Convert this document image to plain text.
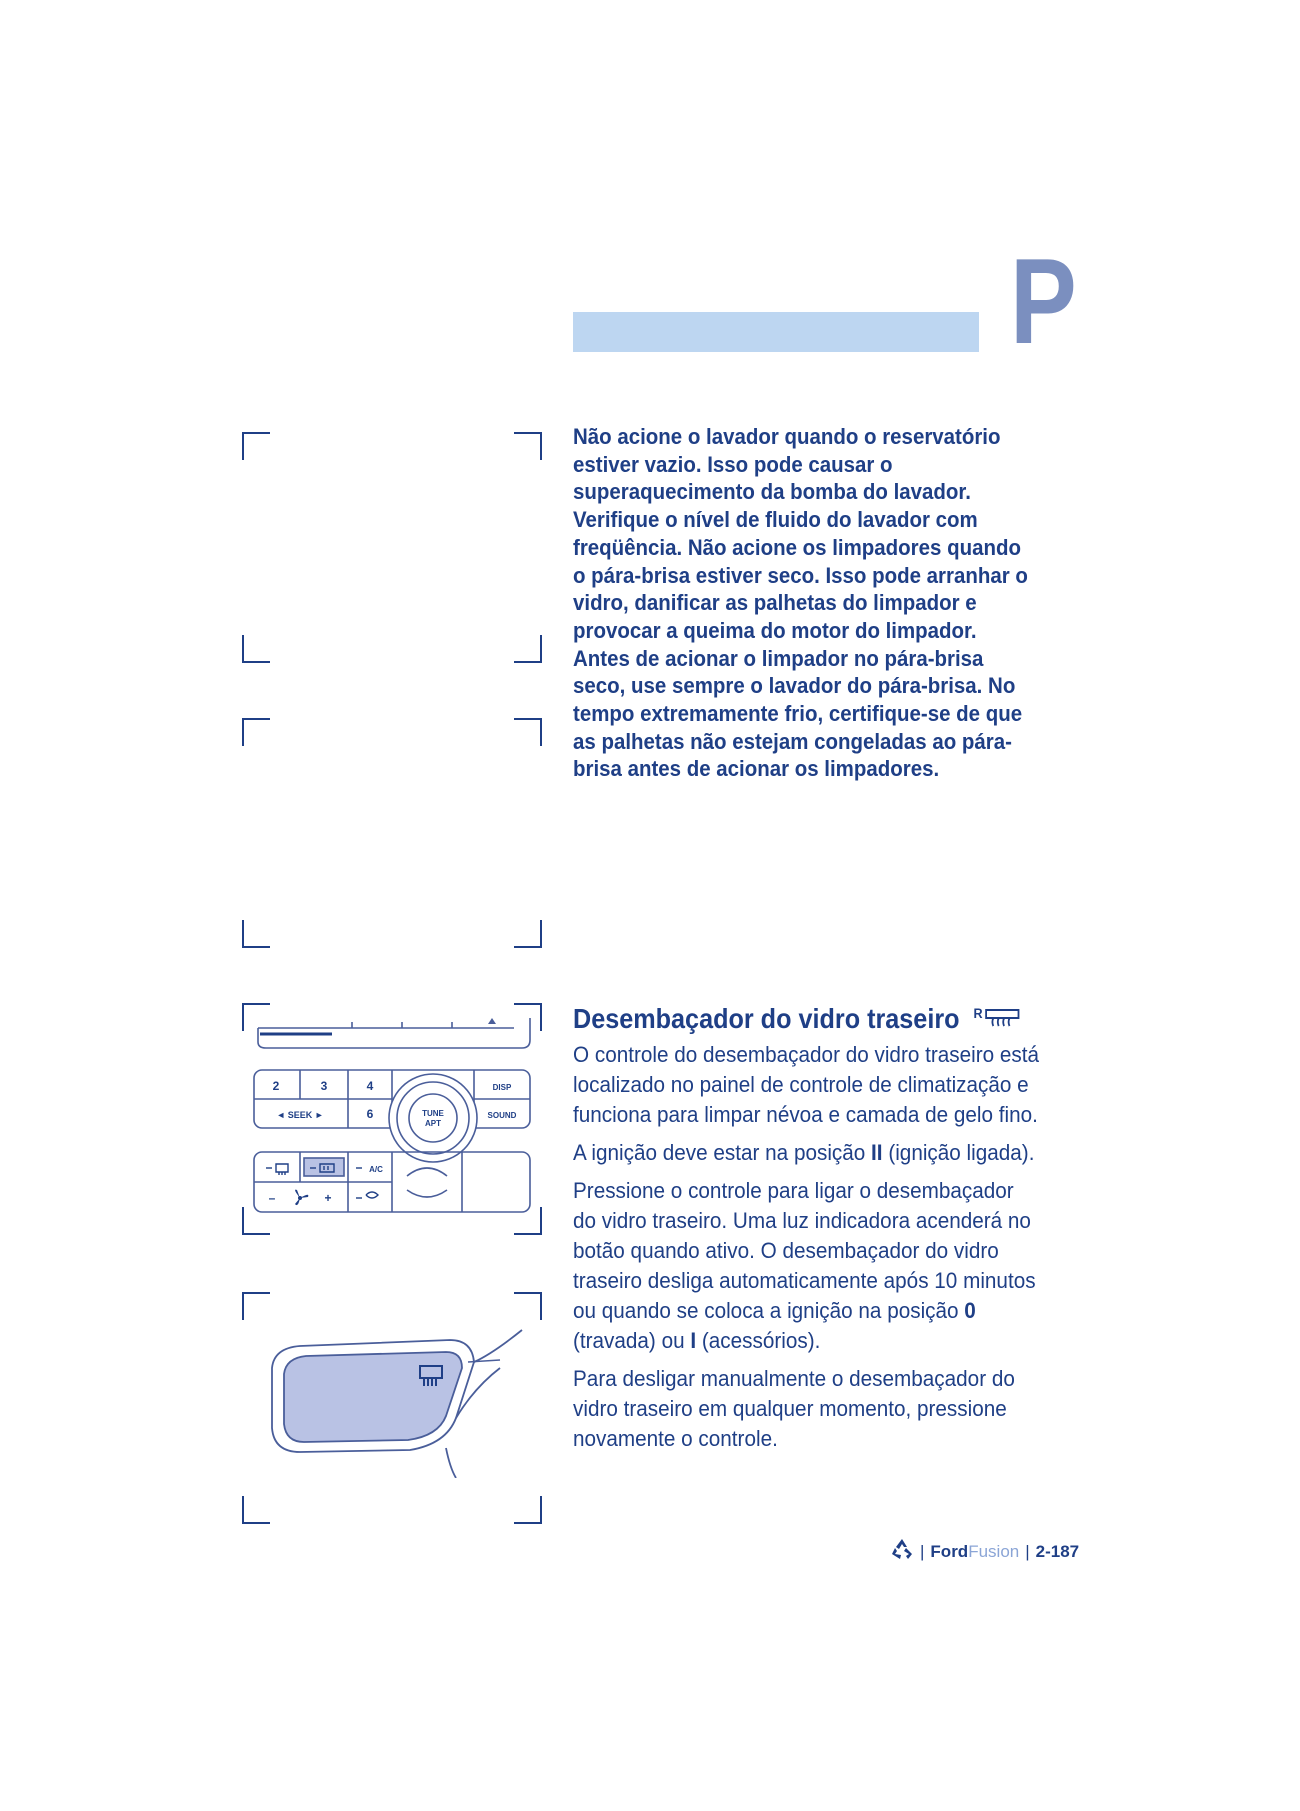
P
Não acione o lavador quando o reservatório estiver vazio. Isso pode causar o superaquecimento da bomba do lavador. Verifique o nível de fluido do lavador com freqüência. Não acione os limpadores quando o pára-brisa estiver seco. Isso pode arranhar o vidro, danificar as palhetas do limpador e provocar a queima do motor do limpador. Antes de acionar o limpador no pára-brisa seco, use sempre o lavador do pára-brisa. No tempo extremamente frio, certifique-se de que as palhetas não estejam congeladas ao pára-brisa antes de acionar os limpadores.
2	3	4
6
◄ SEEK ►
DISP
SOUND
TUNE
APT
A/C
–	+
Desembaçador do vidro traseiro R

O controle do desembaçador do vidro traseiro está localizado no painel de controle de climatização e funciona para limpar névoa e camada de gelo fino.

A ignição deve estar na posição II (ignição ligada).

Pressione o controle para ligar o desembaçador do vidro traseiro. Uma luz indicadora acenderá no botão quando ativo. O desembaçador do vidro traseiro desliga automaticamente após 10 minutos ou quando se coloca a ignição na posição 0 (travada) ou I (acessórios).

Para desligar manualmente o desembaçador do vidro traseiro em qualquer momento, pressione novamente o controle.

| FordFusion | 2-187
